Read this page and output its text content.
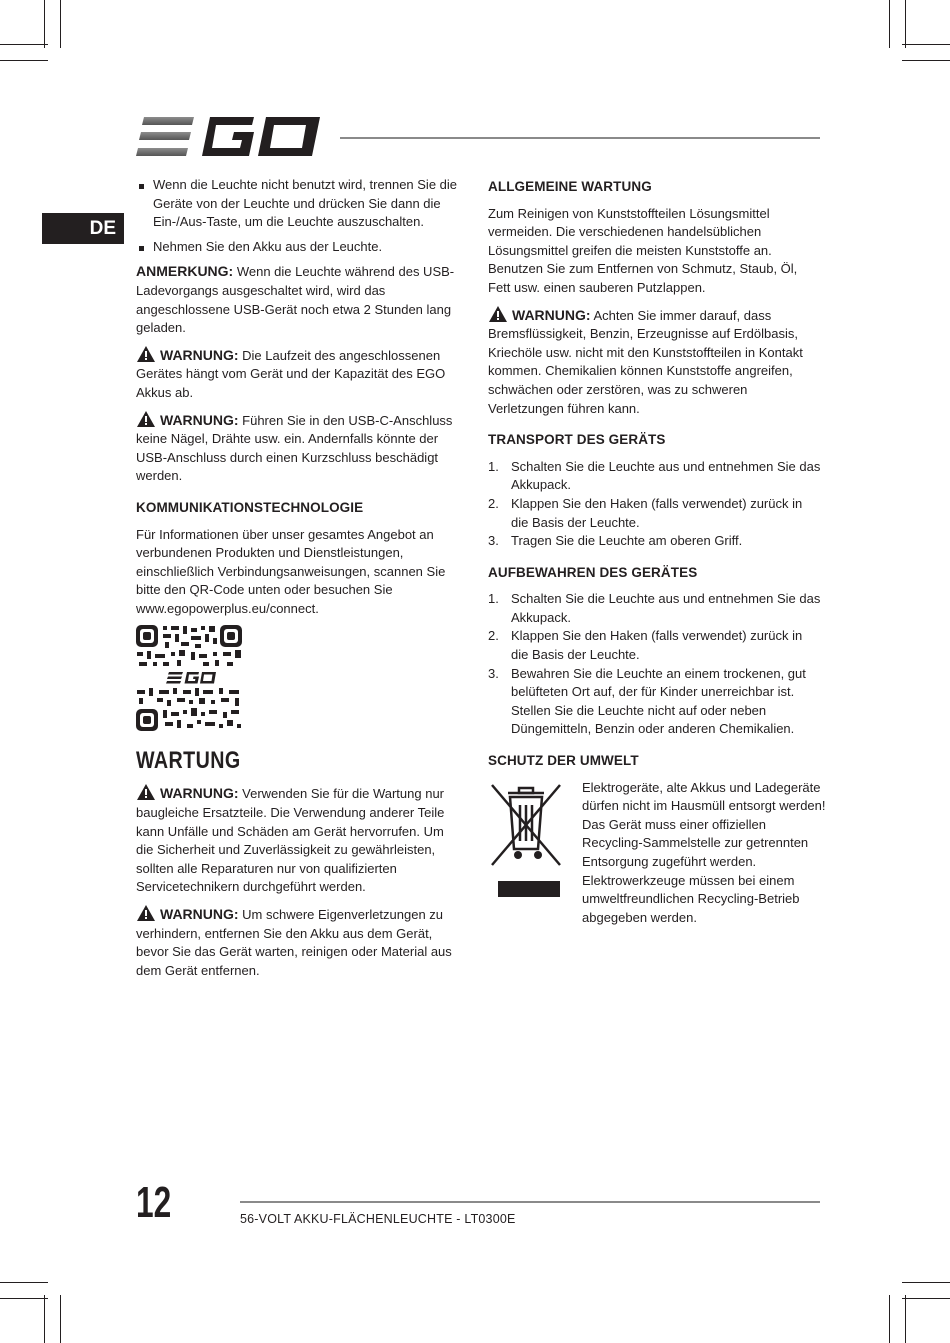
DE
Wenn die Leuchte nicht benutzt wird, trennen Sie die Geräte von der Leuchte und drücken Sie dann die Ein-/Aus-Taste, um die Leuchte auszuschalten.
Nehmen Sie den Akku aus der Leuchte.

ANMERKUNG: Wenn die Leuchte während des USB-Ladevorgangs ausgeschaltet wird, wird das angeschlossene USB-Gerät noch etwa 2 Stunden lang geladen.

WARNUNG: Die Laufzeit des angeschlossenen Gerätes hängt vom Gerät und der Kapazität des EGO Akkus ab.

WARNUNG: Führen Sie in den USB-C-Anschluss keine Nägel, Drähte usw. ein. Andernfalls könnte der USB-Anschluss durch einen Kurzschluss beschädigt werden.

KOMMUNIKATIONSTECHNOLOGIE

Für Informationen über unser gesamtes Angebot an verbundenen Produkten und Dienstleistungen, einschließlich Verbindungsanweisungen, scannen Sie bitte den QR-Code unten oder besuchen Sie www.egopowerplus.eu/connect.

WARTUNG

WARNUNG: Verwenden Sie für die Wartung nur baugleiche Ersatzteile. Die Verwendung anderer Teile kann Unfälle und Schäden am Gerät hervorrufen. Um die Sicherheit und Zuverlässigkeit zu gewährleisten, sollten alle Reparaturen nur von qualifizierten Servicetechnikern durchgeführt werden.

WARNUNG: Um schwere Eigenverletzungen zu verhindern, entfernen Sie den Akku aus dem Gerät, bevor Sie das Gerät warten, reinigen oder Material aus dem Gerät entfernen.

ALLGEMEINE WARTUNG

Zum Reinigen von Kunststoffteilen Lösungsmittel vermeiden. Die verschiedenen handelsüblichen Lösungsmittel greifen die meisten Kunststoffe an. Benutzen Sie zum Entfernen von Schmutz, Staub, Öl, Fett usw. einen sauberen Putzlappen.

WARNUNG: Achten Sie immer darauf, dass Bremsflüssigkeit, Benzin, Erzeugnisse auf Erdölbasis, Kriechöle usw. nicht mit den Kunststoffteilen in Kontakt kommen. Chemikalien können Kunststoffe angreifen, schwächen oder zerstören, was zu schweren Verletzungen führen kann.

TRANSPORT DES GERÄTS
1. Schalten Sie die Leuchte aus und entnehmen Sie das Akkupack.
2. Klappen Sie den Haken (falls verwendet) zurück in die Basis der Leuchte.
3. Tragen Sie die Leuchte am oberen Griff.
AUFBEWAHREN DES GERÄTES
1. Schalten Sie die Leuchte aus und entnehmen Sie das Akkupack.
2. Klappen Sie den Haken (falls verwendet) zurück in die Basis der Leuchte.
3. Bewahren Sie die Leuchte an einem trockenen, gut belüfteten Ort auf, der für Kinder unerreichbar ist. Stellen Sie die Leuchte nicht auf oder neben Düngemitteln, Benzin oder anderen Chemikalien.
SCHUTZ DER UMWELT

Elektrogeräte, alte Akkus und Ladegeräte dürfen nicht im Hausmüll entsorgt werden! Das Gerät muss einer offiziellen Recycling-Sammelstelle zur getrennten Entsorgung zugeführt werden. Elektrowerkzeuge müssen bei einem umweltfreundlichen Recycling-Betrieb abgegeben werden.

12	56-VOLT AKKU-FLÄCHENLEUCHTE - LT0300E
